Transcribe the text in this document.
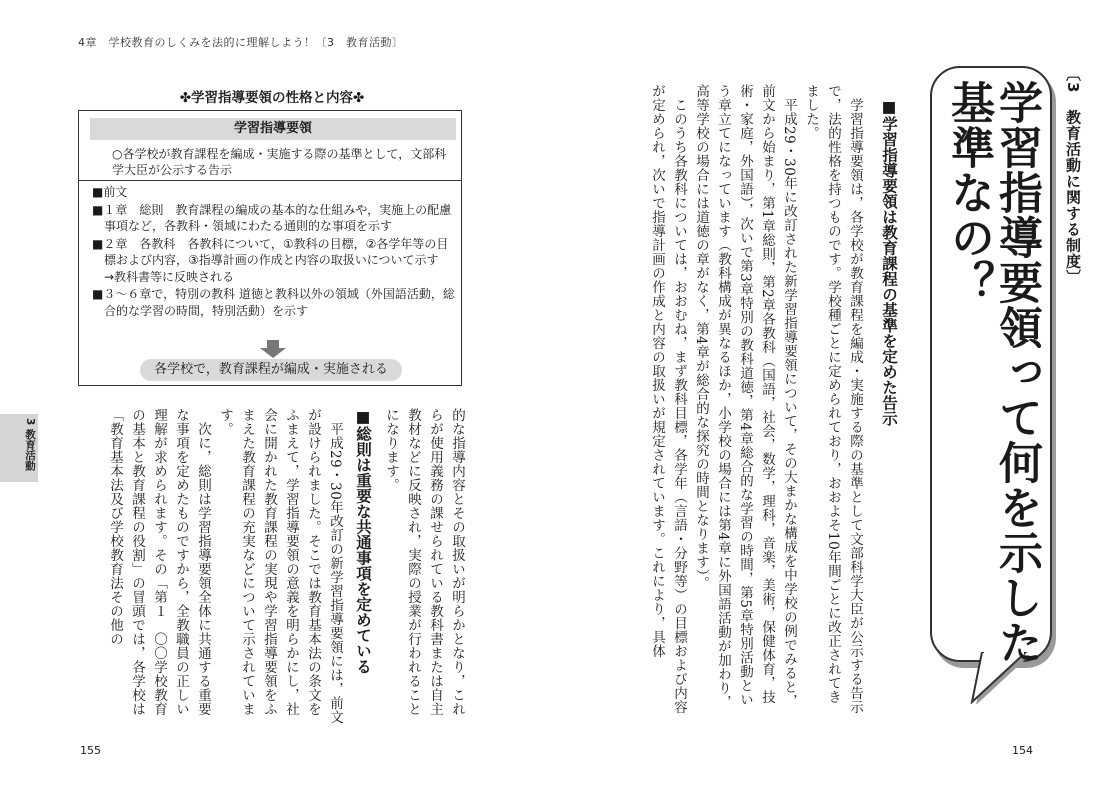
4章　学校教育のしくみを法的に理解しよう！〔3　教育活動〕
✤学習指導要領の性格と内容✤
学習指導要領
○各学校が教育課程を編成・実施する際の基準として，文部科学大臣が公示する告示
■前文
■１章　総則　教育課程の編成の基本的な仕組みや，実施上の配慮事項など，各教科・領域にわたる通則的な事項を示す
■２章　各教科　各教科について，①教科の目標，②各学年等の目標および内容，③指導計画の作成と内容の取扱いについて示す　→教科書等に反映される
■３～６章で，特別の教科 道徳と教科以外の領域（外国語活動，総合的な学習の時間，特別活動）を示す
各学校で，教育課程が編成・実施される

的な指導内容とその取扱いが明らかとなり，これらが使用義務の課せられている教科書または自主教材などに反映され，実際の授業が行われることになります。

■総則は重要な共通事項を定めている

平成29・30年改訂の新学習指導要領には，前文が設けられました。そこでは教育基本法の条文をふまえて，学習指導要領の意義を明らかにし，社会に開かれた教育課程の実現や学習指導要領をふまえた教育課程の充実などについて示されています。

次に，総則は学習指導要領全体に共通する重要な事項を定めたものですから，全教職員の正しい理解が求められます。その「第１　〇〇学校教育の基本と教育課程の役割」の冒頭では，各学校は「教育基本法及び学校教育法その他の

■学習指導要領は教育課程の基準を定めた告示

学習指導要領は，各学校が教育課程を編成・実施する際の基準として文部科学大臣が公示する告示で，法的性格を持つものです。学校種ごとに定められており，おおよそ10年間ごとに改正されてきました。

平成29・30年に改訂された新学習指導要領について，その大まかな構成を中学校の例でみると，前文から始まり，第1章総則，第2章各教科（国語，社会，数学，理科，音楽，美術，保健体育，技術・家庭，外国語），次いで第3章特別の教科道徳，第4章総合的な学習の時間，第5章特別活動という章立てになっています（教科構成が異なるほか，小学校の場合には第4章に外国語活動が加わり，高等学校の場合には道徳の章がなく，第4章が総合的な探究の時間となります）。

このうち各教科については，おおむね，まず教科目標，各学年（言語・分野等）の目標および内容が定められ，次いで指導計画の作成と内容の取扱いが規定されています。これにより，具体	〔3　教育活動に関する制度〕
学習指導要領って何を示した基準なの？
3 教育活動
155	154
